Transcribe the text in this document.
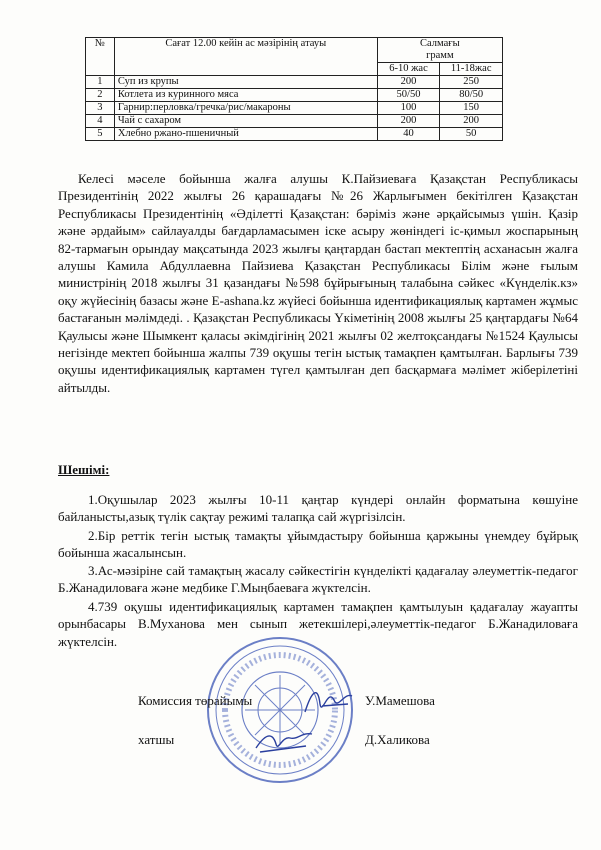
№	Сағат 12.00 кейін ас мәзірінің атауы	Салмағы
грамм	
		6-10 жас	11-18жас
1	Суп из крупы	200	250
2	Котлета из куринного мяса	50/50	80/50
3	Гарнир:перловка/гречка/рис/макароны	100	150
4	Чай с сахаром	200	200
5	Хлебно ржано-пшеничный	40	50
Келесі мәселе бойынша жалға алушы К.Пайзиеваға Қазақстан Республикасы Президентінің 2022 жылғы 26 қарашадағы №26 Жарлығымен бекітілген Қазақстан Республикасы Президентінің «Әділетті Қазақстан: бәріміз және әрқайсымыз үшін. Қазір және әрдайым» сайлауалды бағдарламасымен іске асыру жөніндегі іс-қимыл жоспарының 82-тармағын орындау мақсатында 2023 жылғы қаңтардан бастап мектептің асханасын жалға алушы Камила Абдуллаевна Пайзиева Қазақстан Республикасы Білім және ғылым министрінің 2018 жылғы 31 қазандағы №598 бұйрығының талабына сәйкес «Күнделік.кз» оқу жүйесінің базасы және E-ashana.kz жүйесі бойынша идентификациялық картамен жұмыс бастағанын мәлімдеді. . Қазақстан Республикасы Үкіметінің 2008 жылғы 25 қаңтардағы №64 Қаулысы және Шымкент қаласы әкімдігінің 2021 жылғы 02 желтоқсандағы №1524 Қаулысы негізінде мектеп бойынша жалпы 739 оқушы тегін ыстық тамақпен қамтылған. Барлығы 739 оқушы идентификациялық картамен түгел қамтылған деп басқармаға мәлімет жіберілетіні айтылды.
Шешімі:
1.Оқушылар 2023 жылғы 10-11 қаңтар күндері онлайн форматына көшуіне байланысты,азық түлік сақтау режимі талапқа сай жүргізілсін.
2.Бір реттік тегін ыстық тамақты ұйымдастыру бойынша қаржыны үнемдеу бұйрық бойынша жасалынсын.
3.Ас-мәзіріне сай тамақтың жасалу сәйкестігін күнделікті қадағалау әлеуметтік-педагог Б.Жанадиловаға және медбике Г.Мыңбаеваға жүктелсін.
4.739 оқушы идентификациялық картамен тамақпен қамтылуын қадағалау жауапты орынбасары В.Муханова мен сынып жетекшілері,әлеуметтік-педагог Б.Жанадиловаға жүктелсін.
Комиссия төрайымы	У.Мамешова
хатшы	Д.Халикова
